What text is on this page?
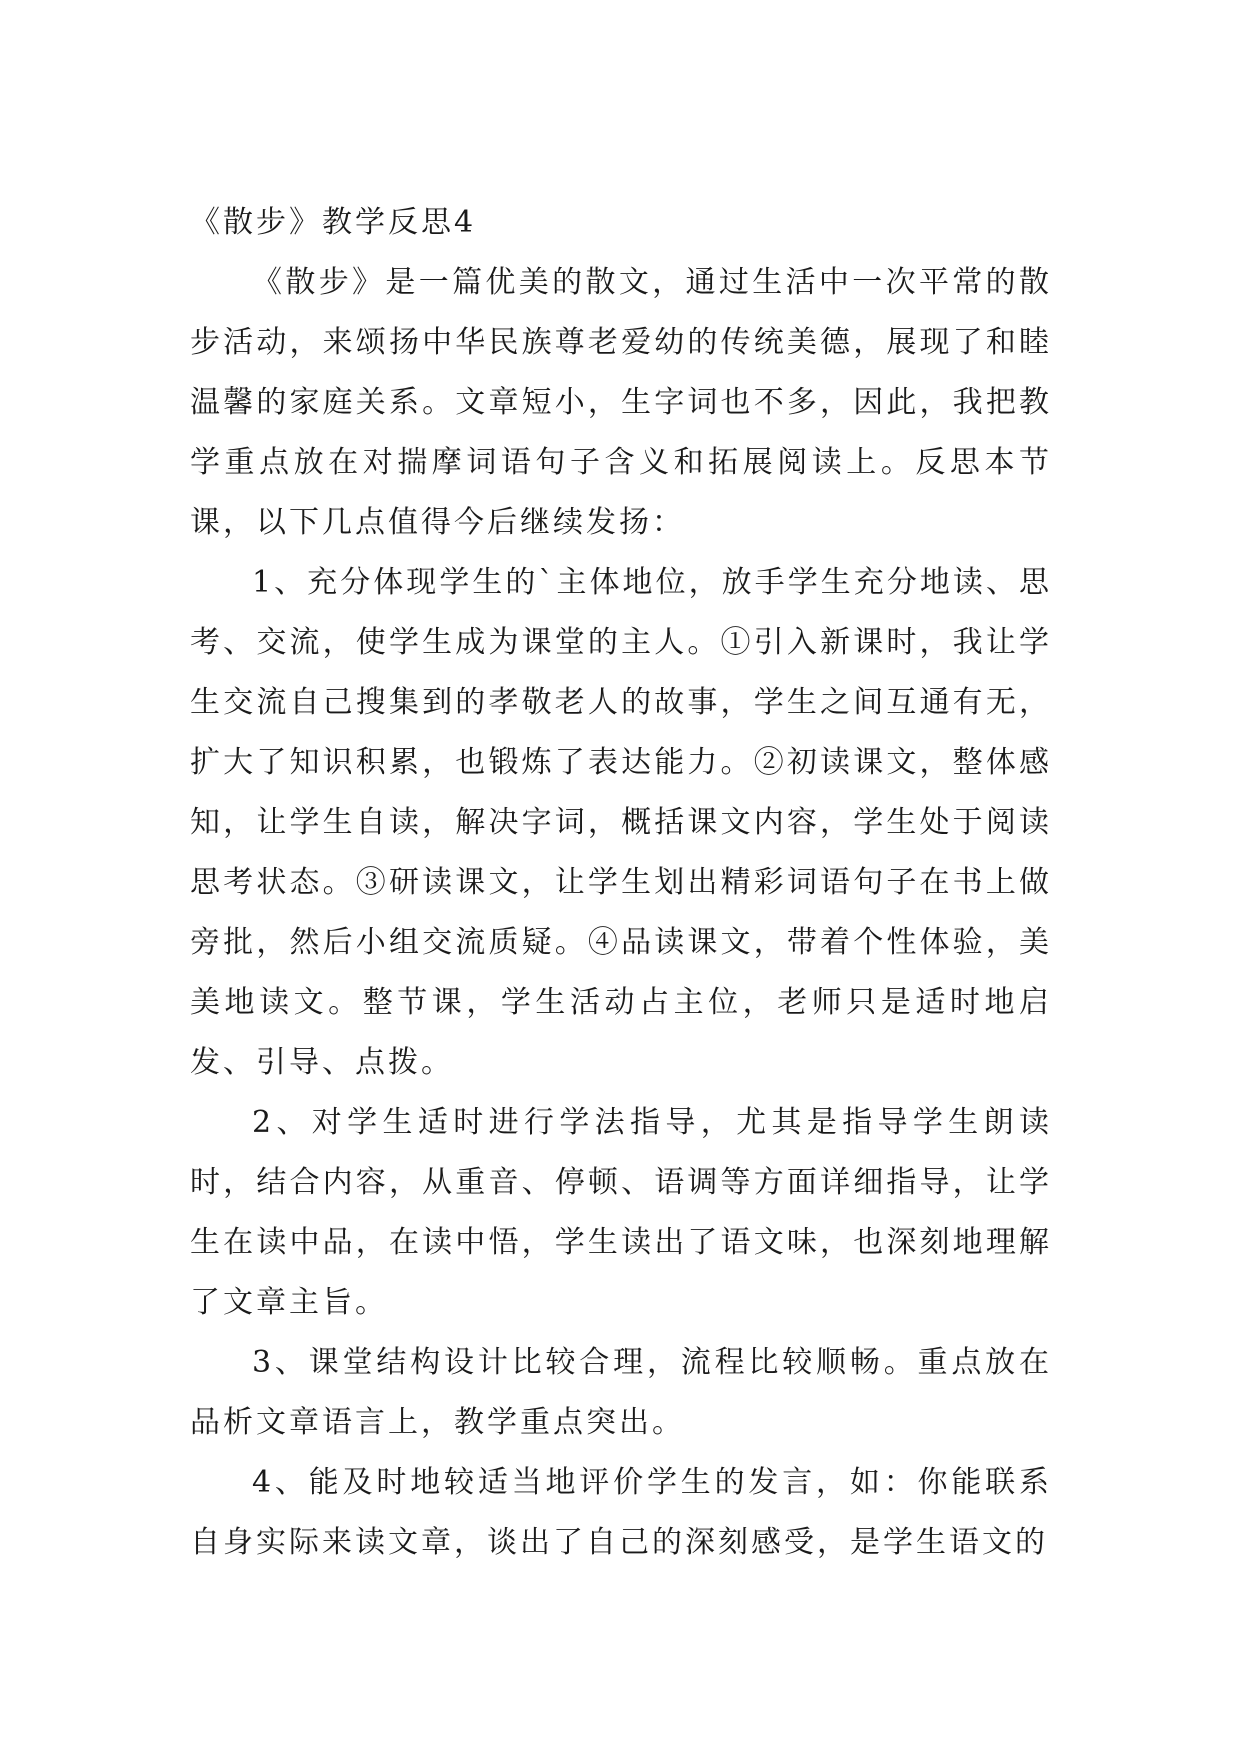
《散步》教学反思4

《散步》是一篇优美的散文，通过生活中一次平常的散步活动，来颂扬中华民族尊老爱幼的传统美德，展现了和睦温馨的家庭关系。文章短小，生字词也不多，因此，我把教学重点放在对揣摩词语句子含义和拓展阅读上。反思本节课，以下几点值得今后继续发扬：

1、充分体现学生的`主体地位，放手学生充分地读、思考、交流，使学生成为课堂的主人。①引入新课时，我让学生交流自己搜集到的孝敬老人的故事，学生之间互通有无，扩大了知识积累，也锻炼了表达能力。②初读课文，整体感知，让学生自读，解决字词，概括课文内容，学生处于阅读思考状态。③研读课文，让学生划出精彩词语句子在书上做旁批，然后小组交流质疑。④品读课文，带着个性体验，美美地读文。整节课，学生活动占主位，老师只是适时地启发、引导、点拨。

2、对学生适时进行学法指导，尤其是指导学生朗读时，结合内容，从重音、停顿、语调等方面详细指导，让学生在读中品，在读中悟，学生读出了语文味，也深刻地理解了文章主旨。

3、课堂结构设计比较合理，流程比较顺畅。重点放在品析文章语言上，教学重点突出。

4、能及时地较适当地评价学生的发言，如：你能联系自身实际来读文章，谈出了自己的深刻感受，是学生语文的
